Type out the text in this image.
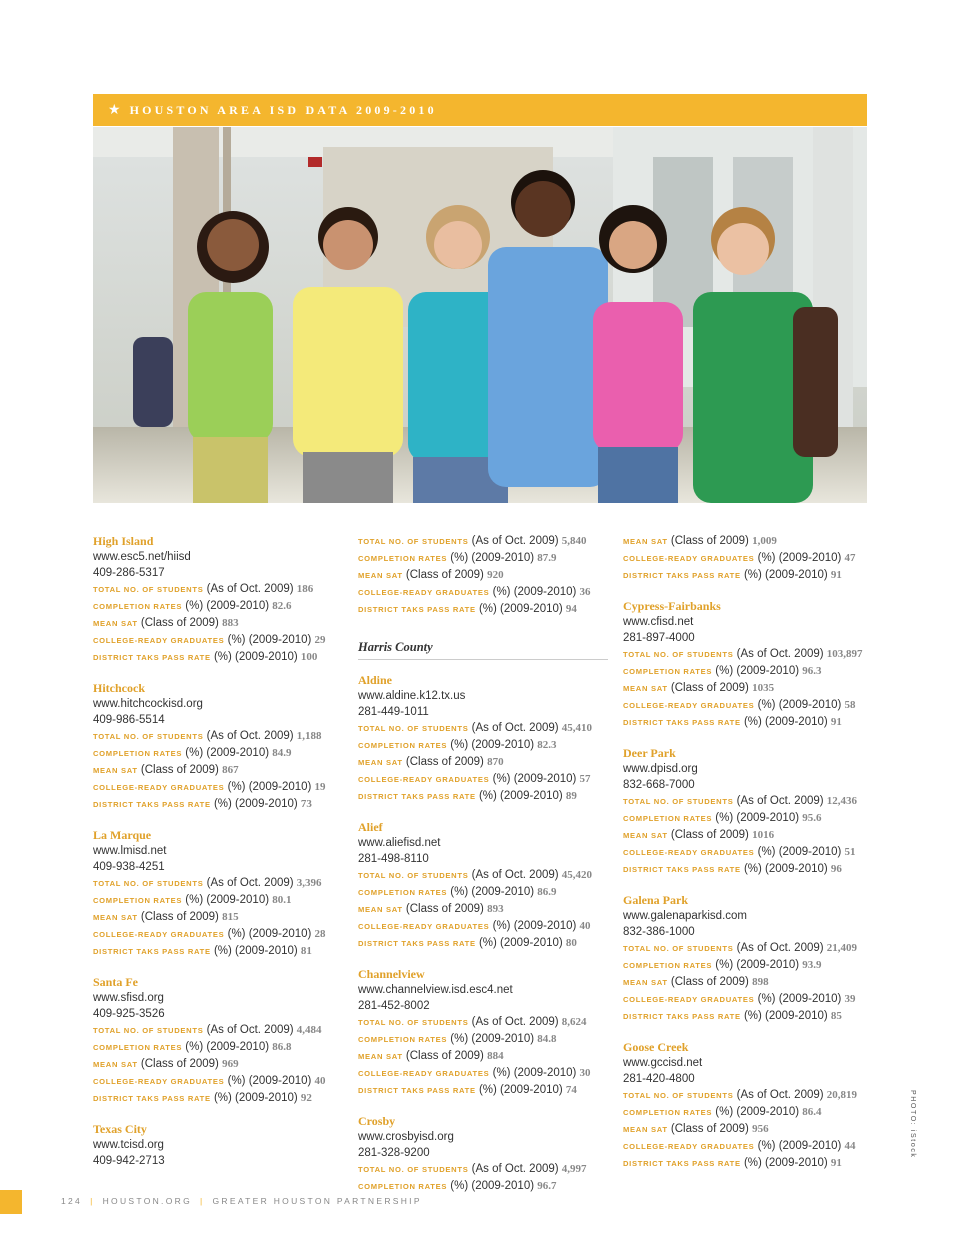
★ HOUSTON AREA ISD DATA 2009-2010
High Island
www.esc5.net/hiisd
409-286-5317
TOTAL NO. OF STUDENTS (As of Oct. 2009) 186
COMPLETION RATES (%) (2009-2010) 82.6
MEAN SAT (Class of 2009) 883
COLLEGE-READY GRADUATES (%) (2009-2010) 29
DISTRICT TAKS PASS RATE (%) (2009-2010) 100
Hitchcock
www.hitchcockisd.org
409-986-5514
TOTAL NO. OF STUDENTS (As of Oct. 2009) 1,188
COMPLETION RATES (%) (2009-2010) 84.9
MEAN SAT (Class of 2009) 867
COLLEGE-READY GRADUATES (%) (2009-2010) 19
DISTRICT TAKS PASS RATE (%) (2009-2010) 73
La Marque
www.lmisd.net
409-938-4251
TOTAL NO. OF STUDENTS (As of Oct. 2009) 3,396
COMPLETION RATES (%) (2009-2010) 80.1
MEAN SAT (Class of 2009) 815
COLLEGE-READY GRADUATES (%) (2009-2010) 28
DISTRICT TAKS PASS RATE (%) (2009-2010) 81
Santa Fe
www.sfisd.org
409-925-3526
TOTAL NO. OF STUDENTS (As of Oct. 2009) 4,484
COMPLETION RATES (%) (2009-2010) 86.8
MEAN SAT (Class of 2009) 969
COLLEGE-READY GRADUATES (%) (2009-2010) 40
DISTRICT TAKS PASS RATE (%) (2009-2010) 92
Texas City
www.tcisd.org
409-942-2713
TOTAL NO. OF STUDENTS (As of Oct. 2009) 5,840
COMPLETION RATES (%) (2009-2010) 87.9
MEAN SAT (Class of 2009) 920
COLLEGE-READY GRADUATES (%) (2009-2010) 36
DISTRICT TAKS PASS RATE (%) (2009-2010) 94
Harris County
Aldine
www.aldine.k12.tx.us
281-449-1011
TOTAL NO. OF STUDENTS (As of Oct. 2009) 45,410
COMPLETION RATES (%) (2009-2010) 82.3
MEAN SAT (Class of 2009) 870
COLLEGE-READY GRADUATES (%) (2009-2010) 57
DISTRICT TAKS PASS RATE (%) (2009-2010) 89
Alief
www.aliefisd.net
281-498-8110
TOTAL NO. OF STUDENTS (As of Oct. 2009) 45,420
COMPLETION RATES (%) (2009-2010) 86.9
MEAN SAT (Class of 2009) 893
COLLEGE-READY GRADUATES (%) (2009-2010) 40
DISTRICT TAKS PASS RATE (%) (2009-2010) 80
Channelview
www.channelview.isd.esc4.net
281-452-8002
TOTAL NO. OF STUDENTS (As of Oct. 2009) 8,624
COMPLETION RATES (%) (2009-2010) 84.8
MEAN SAT (Class of 2009) 884
COLLEGE-READY GRADUATES (%) (2009-2010) 30
DISTRICT TAKS PASS RATE (%) (2009-2010) 74
Crosby
www.crosbyisd.org
281-328-9200
TOTAL NO. OF STUDENTS (As of Oct. 2009) 4,997
COMPLETION RATES (%) (2009-2010) 96.7
MEAN SAT (Class of 2009) 1,009
COLLEGE-READY GRADUATES (%) (2009-2010) 47
DISTRICT TAKS PASS RATE (%) (2009-2010) 91
Cypress-Fairbanks
www.cfisd.net
281-897-4000
TOTAL NO. OF STUDENTS (As of Oct. 2009) 103,897
COMPLETION RATES (%) (2009-2010) 96.3
MEAN SAT (Class of 2009) 1035
COLLEGE-READY GRADUATES (%) (2009-2010) 58
DISTRICT TAKS PASS RATE (%) (2009-2010) 91
Deer Park
www.dpisd.org
832-668-7000
TOTAL NO. OF STUDENTS (As of Oct. 2009) 12,436
COMPLETION RATES (%) (2009-2010) 95.6
MEAN SAT (Class of 2009) 1016
COLLEGE-READY GRADUATES (%) (2009-2010) 51
DISTRICT TAKS PASS RATE (%) (2009-2010) 96
Galena Park
www.galenaparkisd.com
832-386-1000
TOTAL NO. OF STUDENTS (As of Oct. 2009) 21,409
COMPLETION RATES (%) (2009-2010) 93.9
MEAN SAT (Class of 2009) 898
COLLEGE-READY GRADUATES (%) (2009-2010) 39
DISTRICT TAKS PASS RATE (%) (2009-2010) 85
Goose Creek
www.gccisd.net
281-420-4800
TOTAL NO. OF STUDENTS (As of Oct. 2009) 20,819
COMPLETION RATES (%) (2009-2010) 86.4
MEAN SAT (Class of 2009) 956
COLLEGE-READY GRADUATES (%) (2009-2010) 44
DISTRICT TAKS PASS RATE (%) (2009-2010) 91
PHOTO: iStock
124 | HOUSTON.ORG | GREATER HOUSTON PARTNERSHIP
